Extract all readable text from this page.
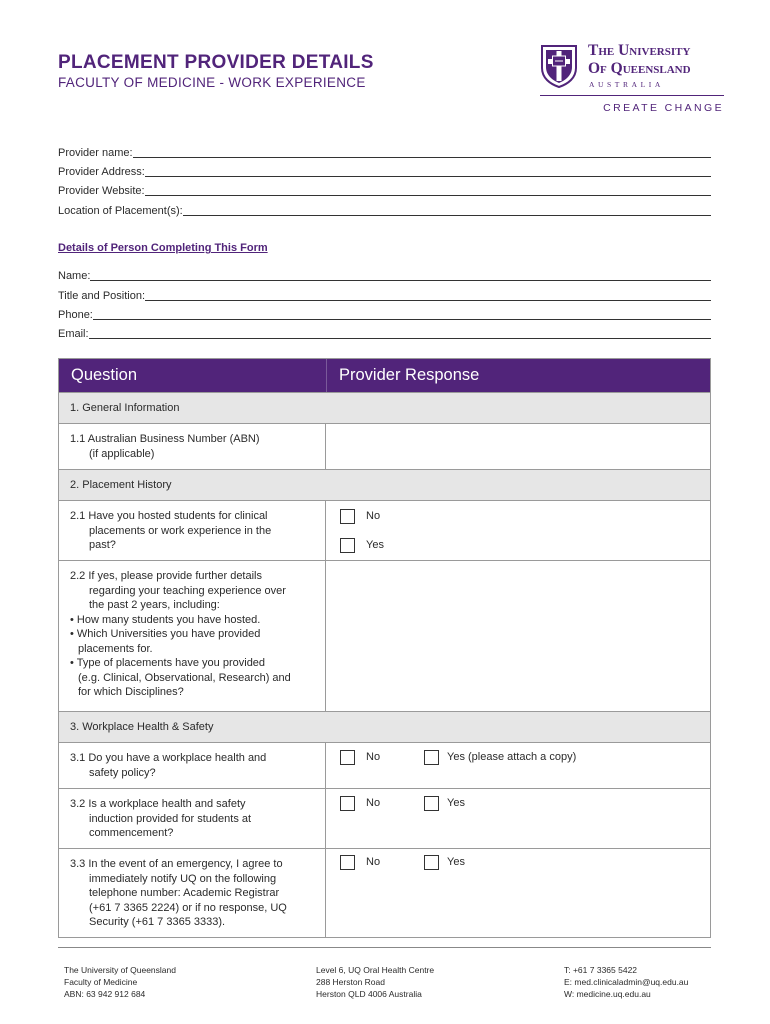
PLACEMENT PROVIDER DETAILS
FACULTY OF MEDICINE - WORK EXPERIENCE
The University
Of Queensland
AUSTRALIA
CREATE CHANGE
Provider name:
Provider Address:
Provider Website:
Location of Placement(s):
Details of Person Completing This Form
Name:
Title and Position:
Phone:
Email:
Question	Provider Response
1. General Information
1.1 Australian Business Number (ABN)
(if applicable)
2. Placement History
2.1 Have you hosted students for clinical
placements or work experience in the
past?
No
Yes
2.2 If yes, please provide further details
regarding your teaching experience over
the past 2 years, including:
• How many students you have hosted.
• Which Universities you have provided
placements for.
• Type of placements have you provided
(e.g. Clinical, Observational, Research) and
for which Disciplines?
3. Workplace Health & Safety
3.1 Do you have a workplace health and
safety policy?
No	Yes (please attach a copy)
3.2 Is a workplace health and safety
induction provided for students at
commencement?
No	Yes
3.3 In the event of an emergency, I agree to
immediately notify UQ on the following
telephone number: Academic Registrar
(+61 7 3365 2224) or if no response, UQ
Security (+61 7 3365 3333).
No	Yes
The University of Queensland
Faculty of Medicine
ABN: 63 942 912 684
Level 6, UQ Oral Health Centre
288 Herston Road
Herston QLD 4006 Australia
T: +61 7 3365 5422
E: med.clinicaladmin@uq.edu.au
W: medicine.uq.edu.au
